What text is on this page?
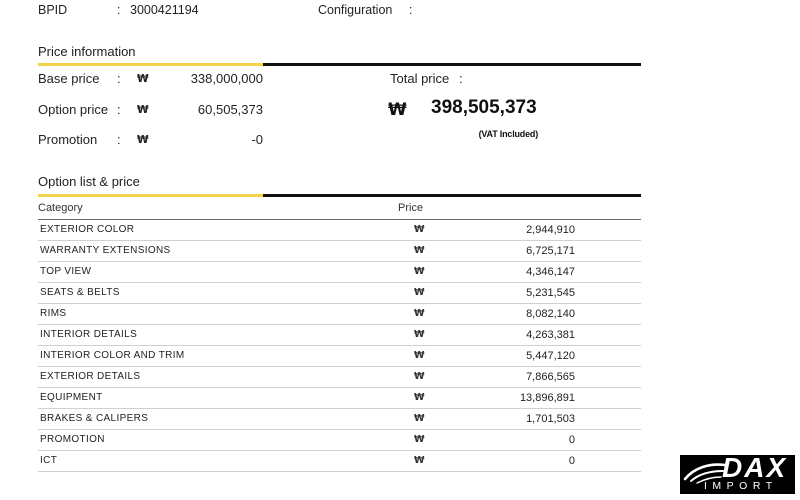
BPID	: 3000421194	Configuration :
Price information
Base price : ₩	338,000,000
Option price : ₩	60,505,373
Promotion : ₩	-0
Total price :
₩ 398,505,373
(VAT Included)
Option list & price
Category	Price
EXTERIOR COLOR	₩	2,944,910
WARRANTY EXTENSIONS	₩	6,725,171
TOP VIEW	₩	4,346,147
SEATS & BELTS	₩	5,231,545
RIMS	₩	8,082,140
INTERIOR DETAILS	₩	4,263,381
INTERIOR COLOR AND TRIM	₩	5,447,120
EXTERIOR DETAILS	₩	7,866,565
EQUIPMENT	₩	13,896,891
BRAKES & CALIPERS	₩	1,701,503
PROMOTION	₩	0
ICT	₩	0	DAX
IMPORT
